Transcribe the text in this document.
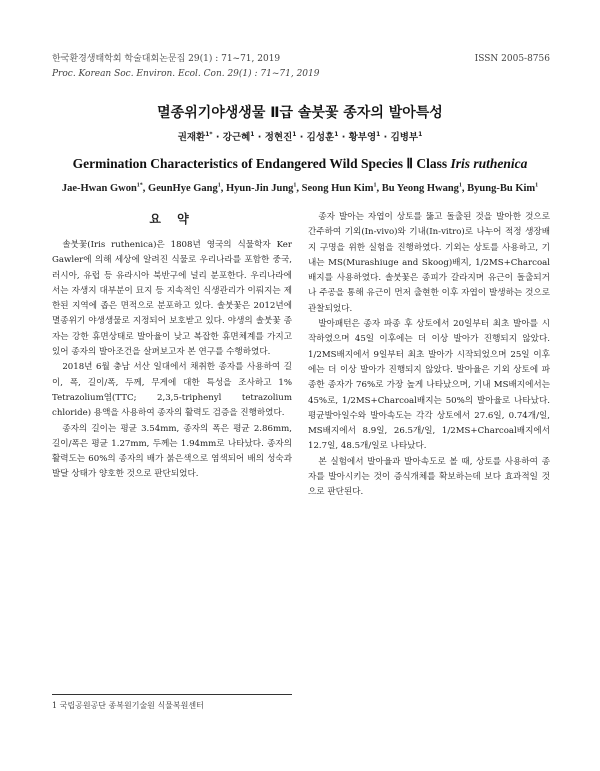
한국환경생태학회 학술대회논문집 29(1) : 71~71, 2019
Proc. Korean Soc. Environ. Ecol. Con. 29(1) : 71~71, 2019
ISSN 2005-8756
멸종위기야생생물 Ⅱ급 솔붓꽃 종자의 발아특성
권재환$^{1*}$ · 강근혜$^1$ · 정현진$^1$ · 김성훈$^1$ · 황부영$^1$ · 김병부$^1$
Germination Characteristics of Endangered Wild Species Ⅱ Class Iris ruthenica
Jae-Hwan Gwon$^{1*}$, GeunHye Gang$^1$, Hyun-Jin Jung$^1$, Seong Hun Kim$^1$, Bu Yeong Hwang$^1$, Byung-Bu Kim$^1$
요 약

솔붓꽃(Iris ruthenica)은 1808년 영국의 식물학자 Ker Gawler에 의해 세상에 알려진 식물로 우리나라를 포함한 중국, 러시아, 유럽 등 유라시아 북반구에 널리 분포한다. 우리나라에서는 자생지 대부분이 묘지 등 지속적인 식생관리가 이뤄지는 제한된 지역에 좁은 면적으로 분포하고 있다. 솔붓꽃은 2012년에 멸종위기 야생생물로 지정되어 보호받고 있다. 야생의 솔붓꽃 종자는 강한 휴면상태로 발아율이 낮고 복잡한 휴면체계를 가지고 있어 종자의 발아조건을 살펴보고자 본 연구를 수행하였다.

2018년 6월 충남 서산 일대에서 채취한 종자를 사용하여 길이, 폭, 길이/폭, 두께, 무게에 대한 특성을 조사하고 1% Tetrazolium염(TTC; 2,3,5-triphenyl tetrazolium chloride) 용액을 사용하여 종자의 활력도 검증을 진행하였다.

종자의 길이는 평균 3.54mm, 종자의 폭은 평균 2.86mm, 길이/폭은 평균 1.27mm, 두께는 1.94mm로 나타났다. 종자의 활력도는 60%의 종자의 배가 붉은색으로 염색되어 배의 성숙과 발달 상태가 양호한 것으로 판단되었다.

종자 발아는 자엽이 상토를 뚫고 돌출된 것을 발아한 것으로 간주하여 기외(In-vivo)와 기내(In-vitro)로 나누어 적정 생장배지 구명을 위한 실험을 진행하였다. 기외는 상토를 사용하고, 기내는 MS(Murashiuge and Skoog)배지, 1/2MS+Charcoal 배지를 사용하였다. 솔붓꽃은 종피가 갈라지며 유근이 돌출되거나 주공을 통해 유근이 먼저 출현한 이후 자엽이 발생하는 것으로 관찰되었다.

발아패턴은 종자 파종 후 상토에서 20일부터 최초 발아를 시작하였으며 45일 이후에는 더 이상 발아가 진행되지 않았다. 1/2MS배지에서 9일부터 최초 발아가 시작되었으며 25일 이후에는 더 이상 발아가 진행되지 않았다. 발아율은 기외 상토에 파종한 종자가 76%로 가장 높게 나타났으며, 기내 MS배지에서는 45%로, 1/2MS+Charcoal배지는 50%의 발아율로 나타났다. 평균발아일수와 발아속도는 각각 상토에서 27.6일, 0.74개/일, MS배지에서 8.9일, 26.5개/일, 1/2MS+Charcoal배지에서 12.7일, 48.5개/일로 나타났다.

본 실험에서 발아율과 발아속도로 볼 때, 상토를 사용하여 종자를 발아시키는 것이 증식개체를 확보하는데 보다 효과적일 것으로 판단된다.

1 국립공원공단 종복원기술원 식물복원센터
